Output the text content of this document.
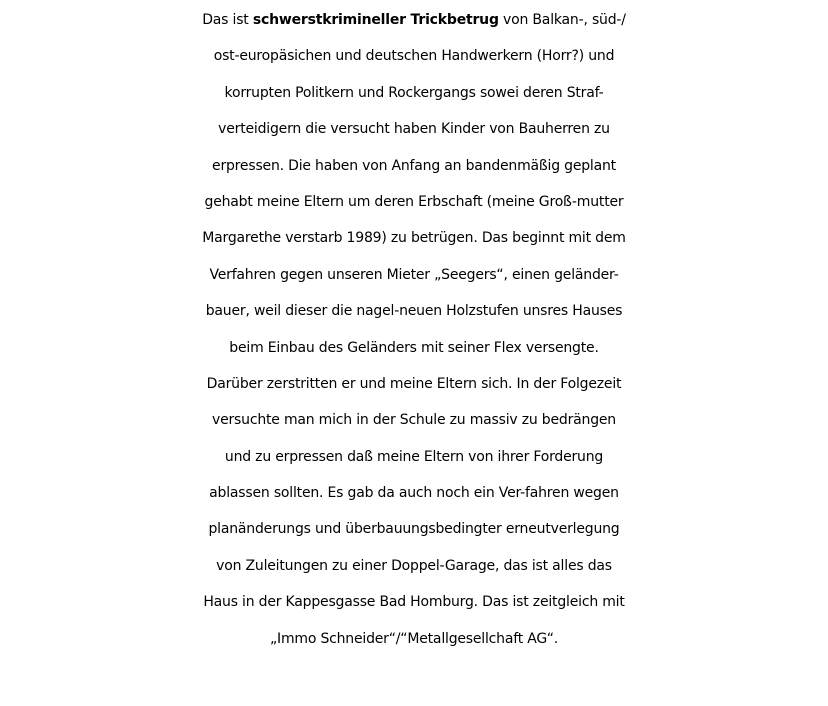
Das ist schwerstkrimineller Trickbetrug von Balkan-, süd-/
ost-europäsichen und deutschen Handwerkern (Horr?) und
korrupten Politkern und Rockergangs sowei deren Straf-
verteidigern die versucht haben Kinder von Bauherren zu
erpressen. Die haben von Anfang an bandenmäßig geplant
gehabt meine Eltern um deren Erbschaft (meine Groß-mutter
Margarethe verstarb 1989) zu betrügen. Das beginnt mit dem
Verfahren gegen unseren Mieter „Seegers“, einen geländer-
bauer, weil dieser die nagel-neuen Holzstufen unsres Hauses
beim Einbau des Geländers mit seiner Flex versengte.
Darüber zerstritten er und meine Eltern sich. In der Folgezeit
versuchte man mich in der Schule zu massiv zu bedrängen
und zu erpressen daß meine Eltern von ihrer Forderung
ablassen sollten. Es gab da auch noch ein Ver-fahren wegen
planänderungs und überbauungsbedingter erneutverlegung
von Zuleitungen zu einer Doppel-Garage, das ist alles das
Haus in der Kappesgasse Bad Homburg. Das ist zeitgleich mit
„Immo Schneider“/“Metallgesellchaft AG“.
